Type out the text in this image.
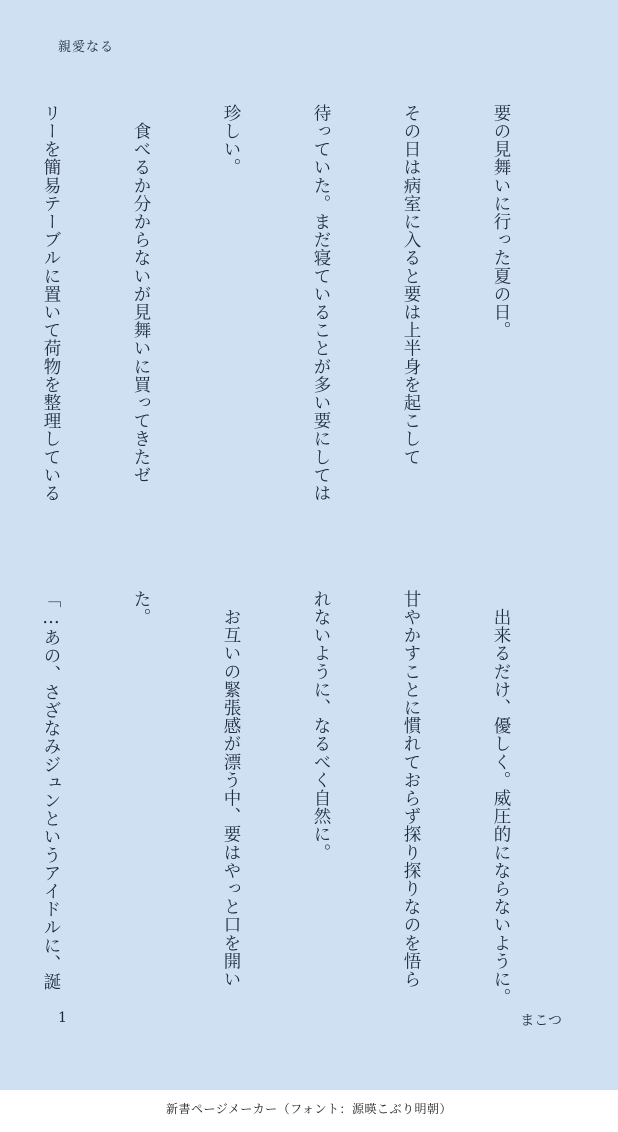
親愛なる

要の見舞いに行った夏の日。

その日は病室に入ると要は上半身を起こして

待っていた。まだ寝ていることが多い要にしては

珍しい。

　食べるか分からないが見舞いに買ってきたゼ

リーを簡易テーブルに置いて荷物を整理している

　出来るだけ、優しく。威圧的にならないように。

甘やかすことに慣れておらず探り探りなのを悟ら

れないように、なるべく自然に。

　お互いの緊張感が漂う中、要はやっと口を開い

た。

「…あの、さざなみジュンというアイドルに、誕

1	まこつ
新書ページメーカー（フォント：源暎こぶり明朝）
